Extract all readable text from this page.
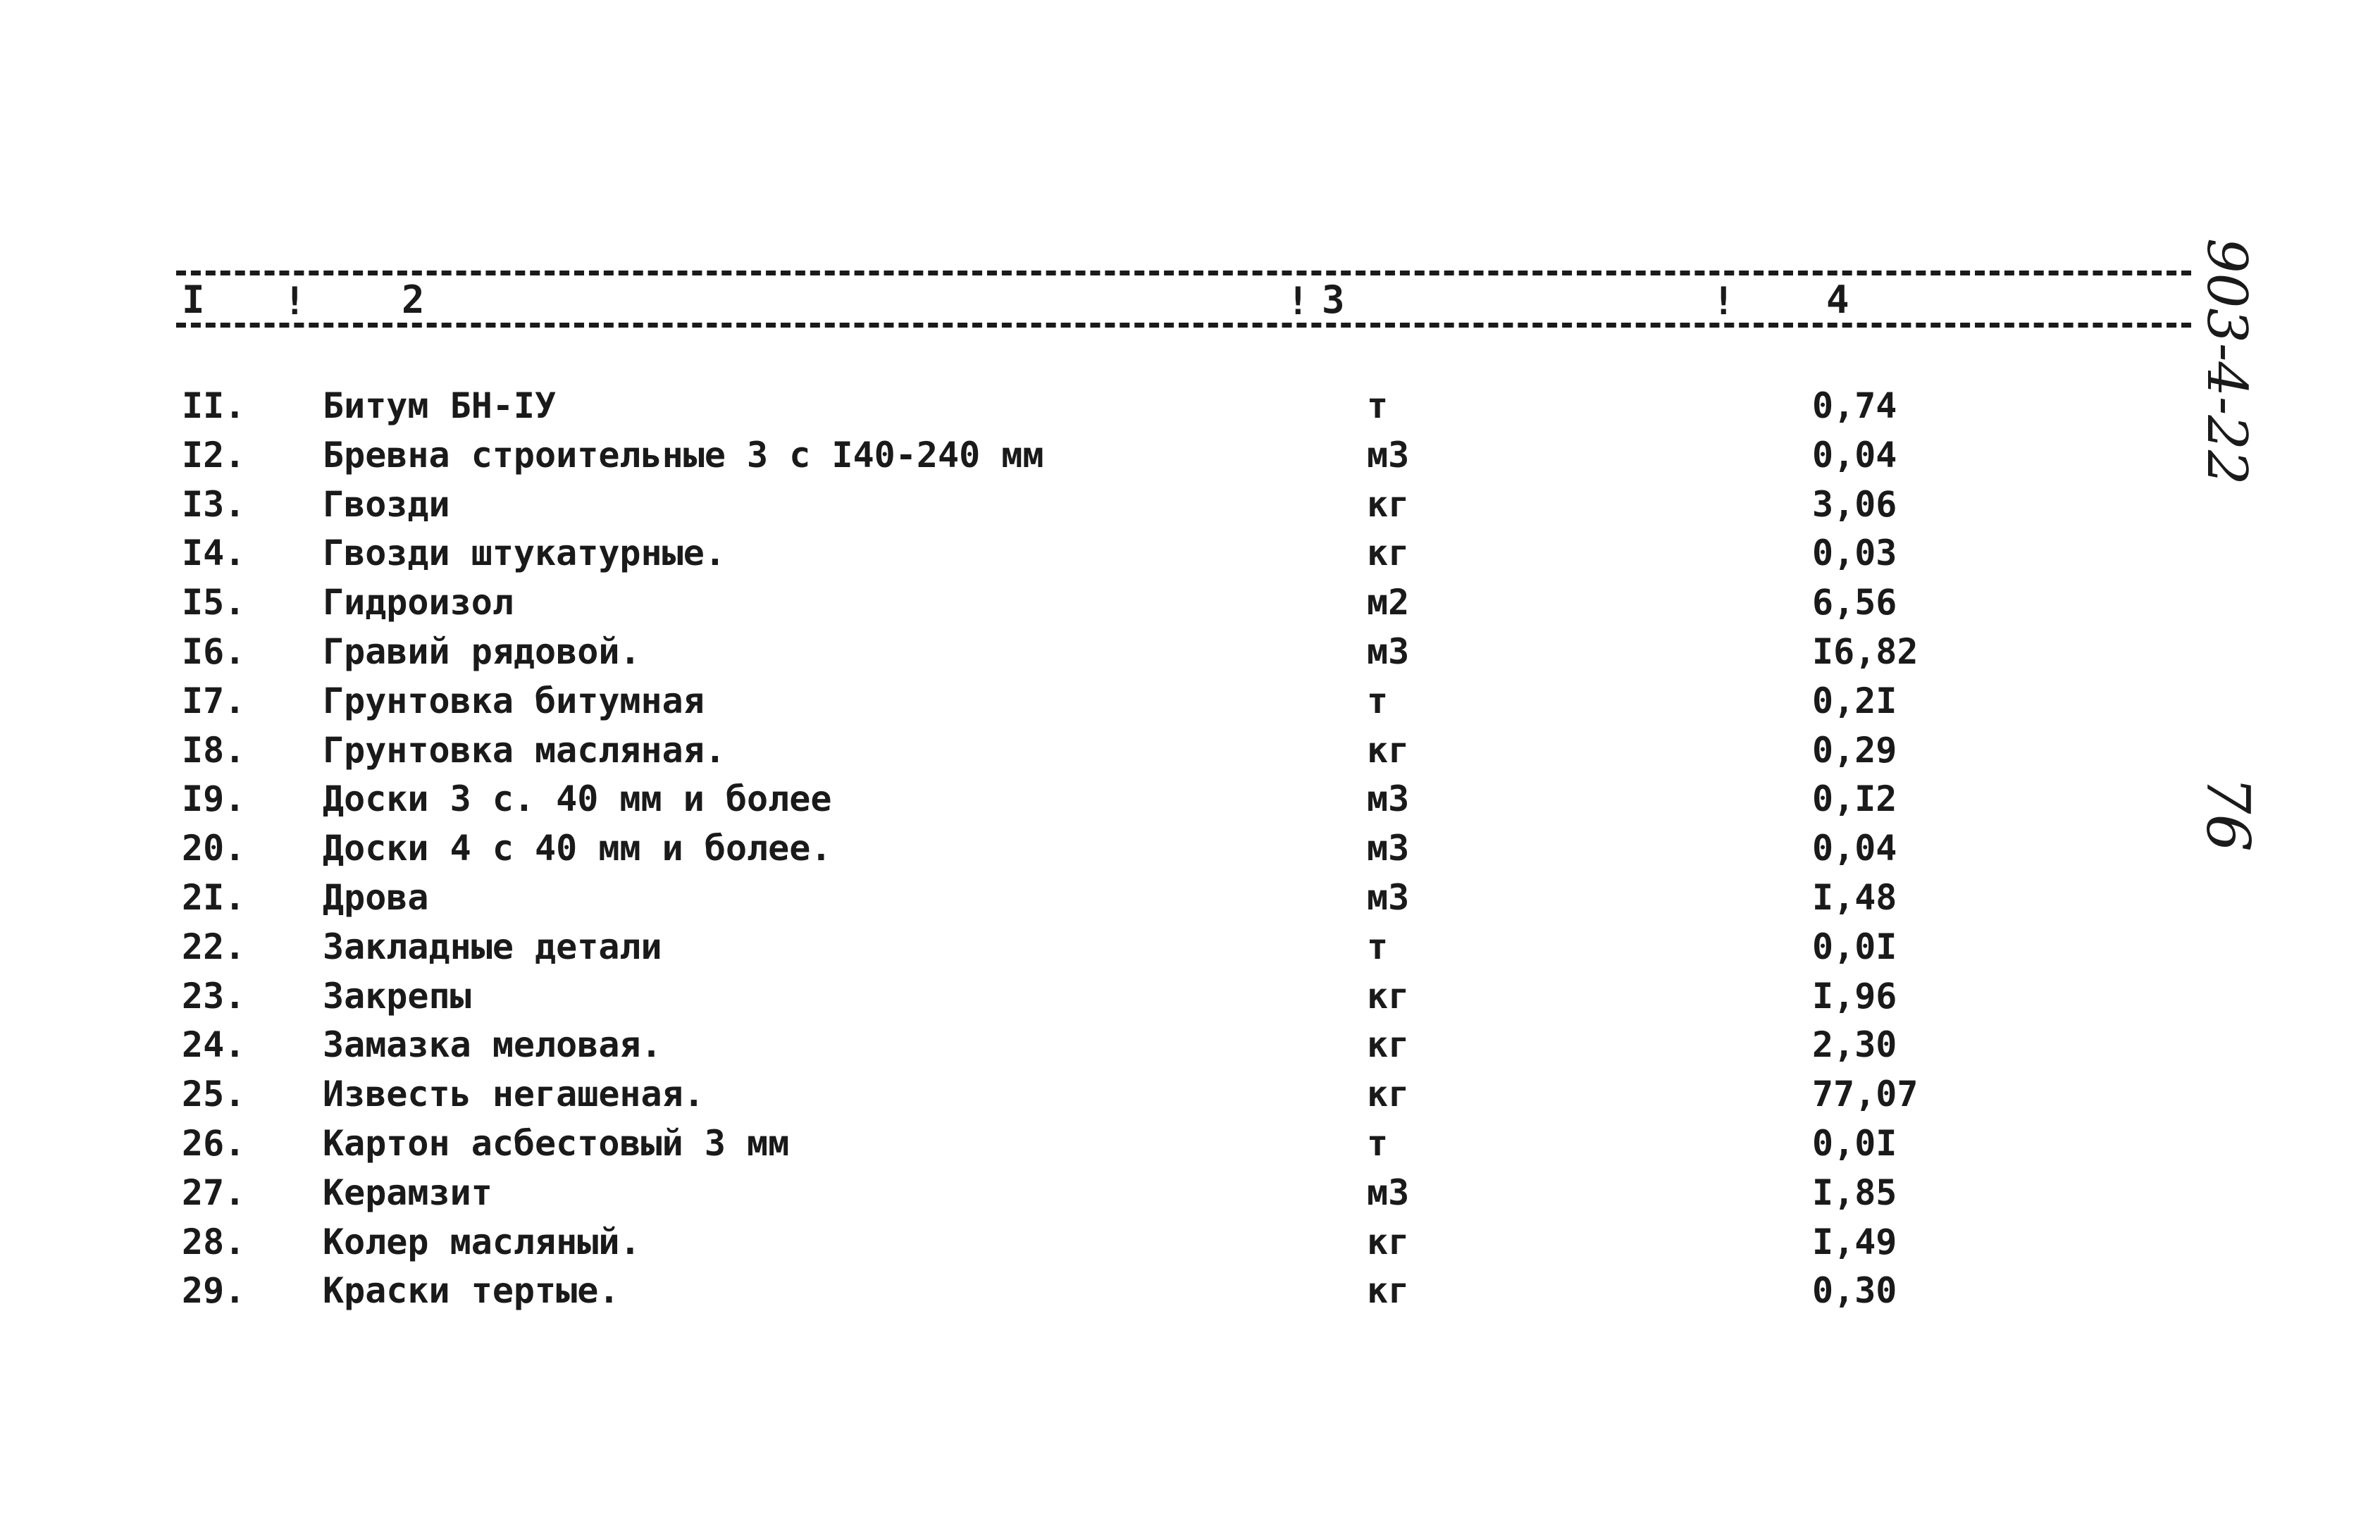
I !	2	! 3	! 4
II. Битум БН-IУ	т	0,74
I2. Бревна строительные 3 с I40-240 мм	м3	0,04
I3. Гвозди	кг	3,06
I4. Гвозди штукатурные.	кг	0,03
I5. Гидроизол	м2	6,56
I6. Гравий рядовой.	м3	I6,82
I7. Грунтовка битумная	т	0,2I
I8. Грунтовка масляная.	кг	0,29
I9. Доски 3 с. 40 мм и более	м3	0,I2
20. Доски 4 с 40 мм и более.	м3	0,04
2I. Дрова	м3	I,48
22. Закладные детали	т	0,0I
23. Закрепы	кг	I,96
24. Замазка меловая.	кг	2,30
25. Известь негашеная.	кг	77,07
26. Картон асбестовый 3 мм	т	0,0I
27. Керамзит	м3	I,85
28. Колер масляный.	кг	I,49
29. Краски тертые.	кг	0,30
903-4-22
76
